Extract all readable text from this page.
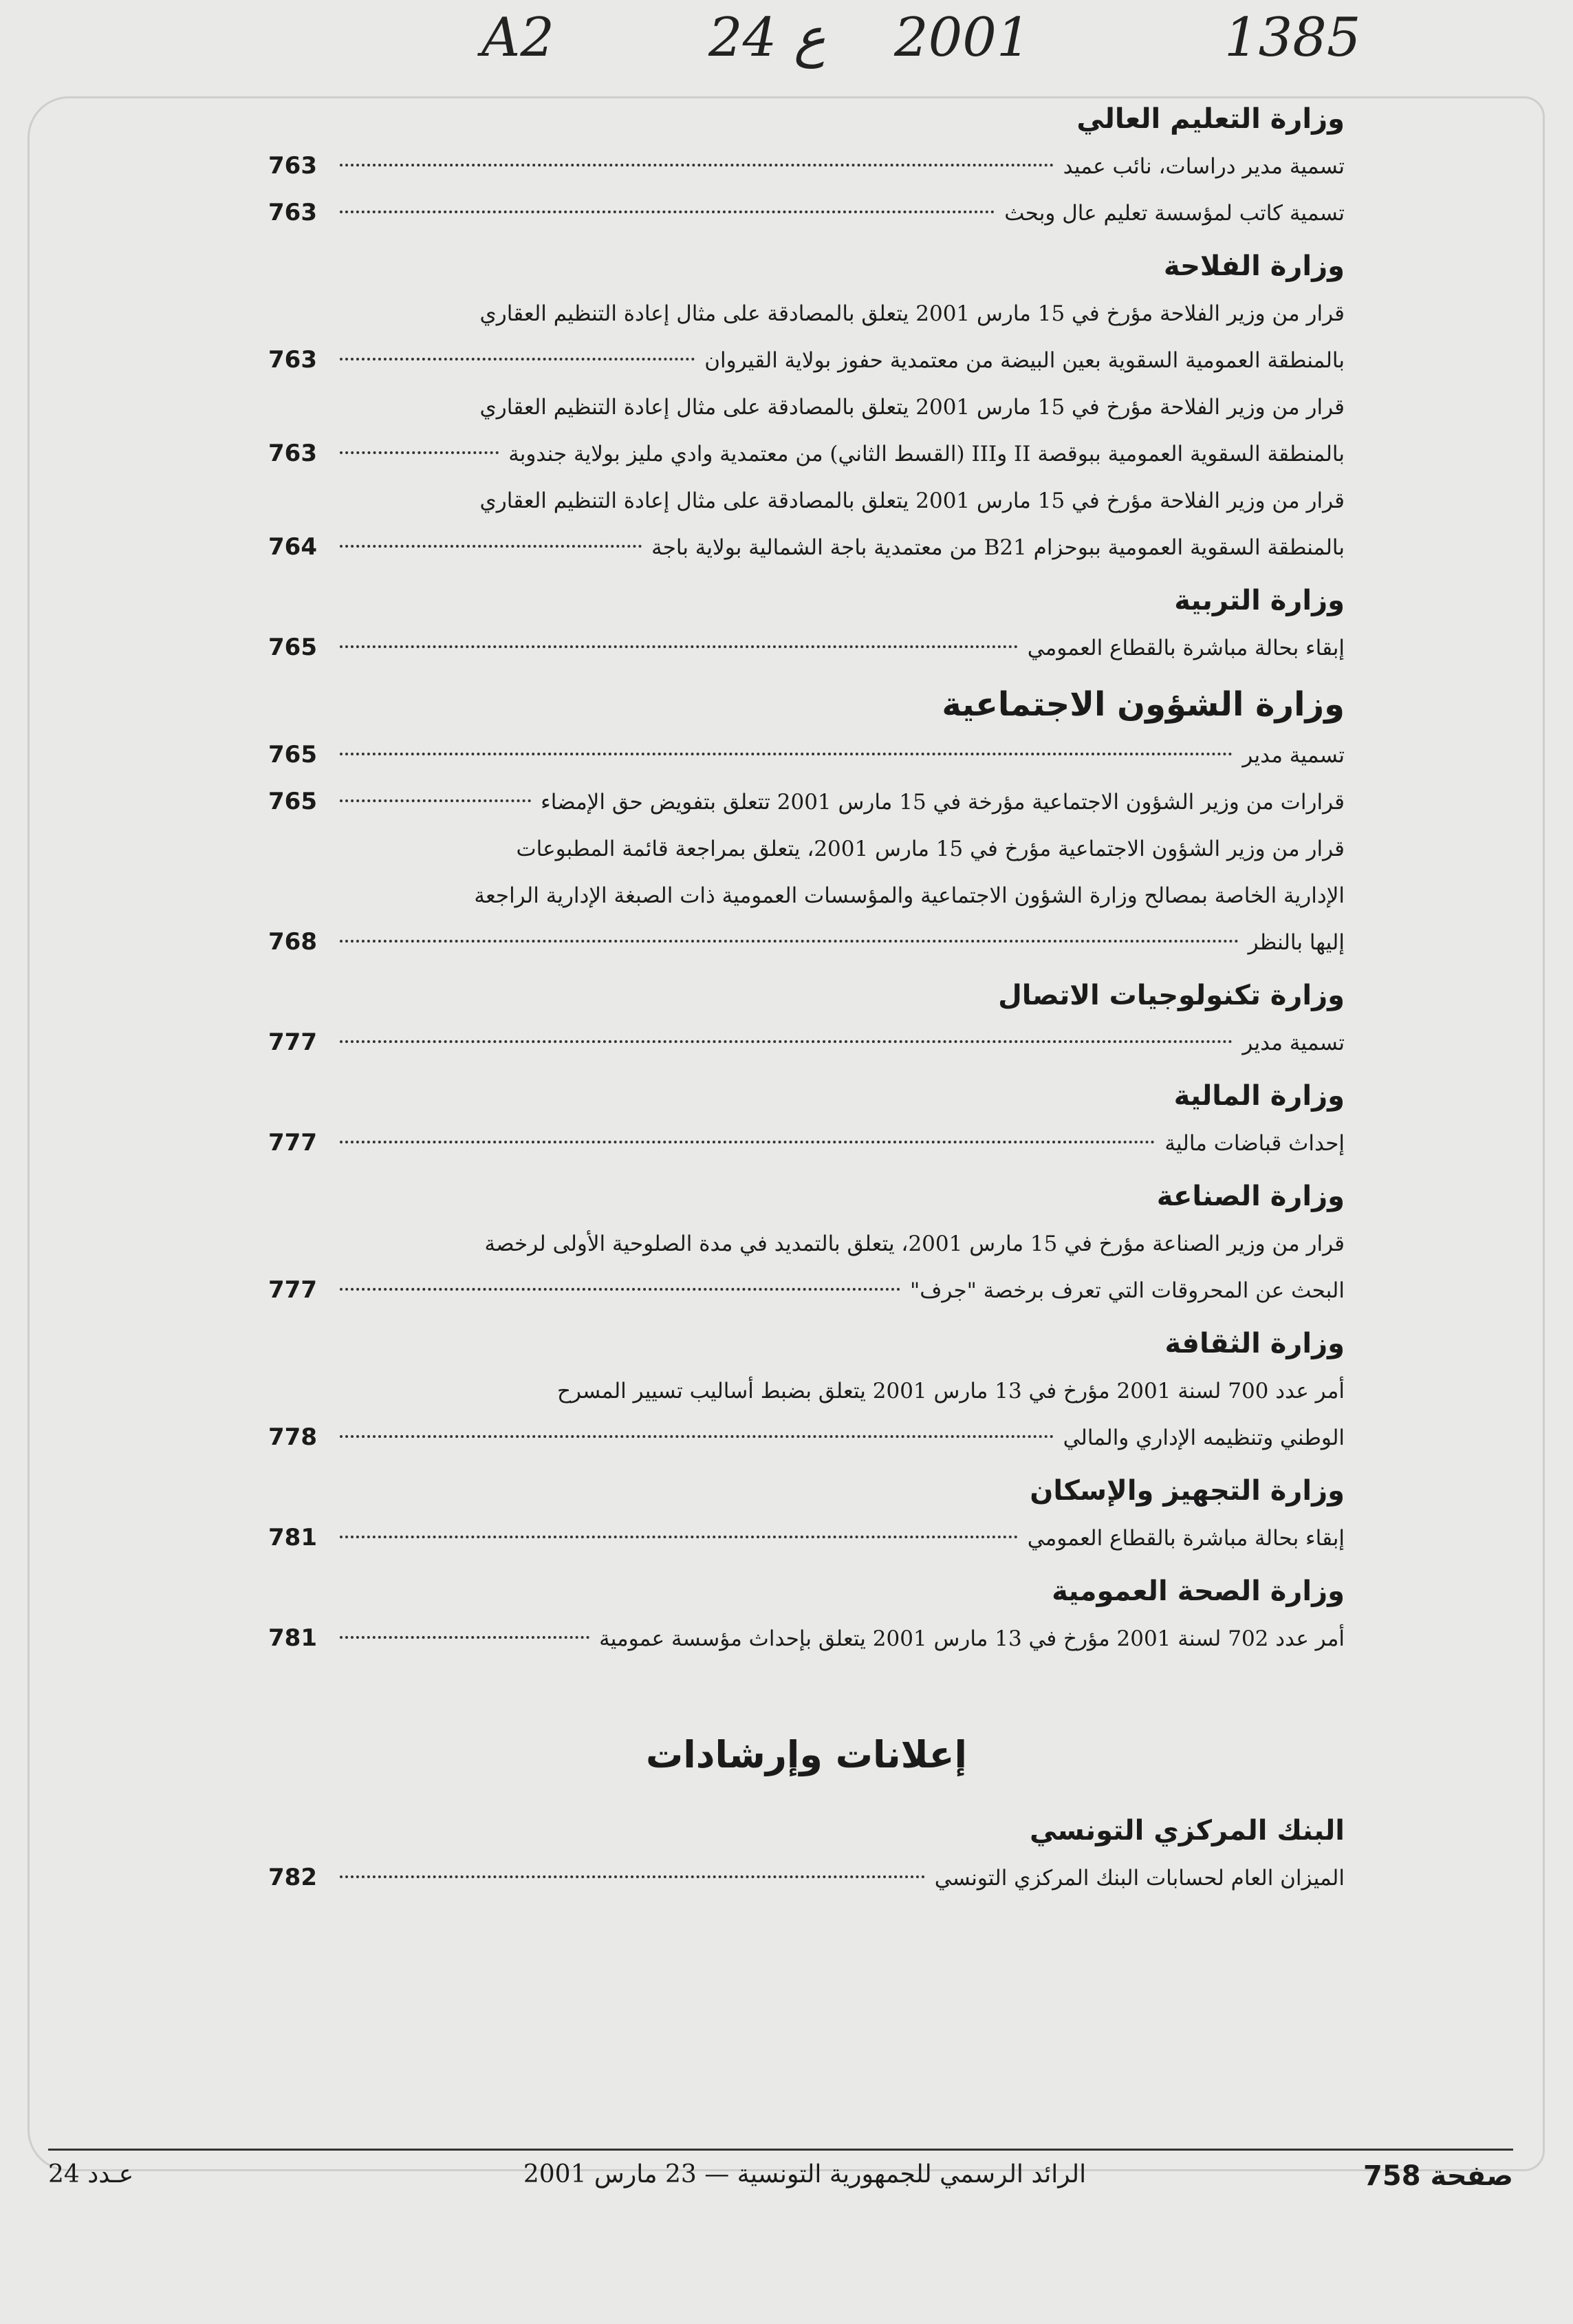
A2	24 ع 2001	1385
وزارة التعليم العالي
تسمية مدير دراسات، نائب عميد
763
تسمية كاتب لمؤسسة تعليم عال وبحث
763
وزارة الفلاحة
قرار من وزير الفلاحة مؤرخ في 15 مارس 2001 يتعلق بالمصادقة على مثال إعادة التنظيم العقاري
بالمنطقة العمومية السقوية بعين البيضة من معتمدية حفوز بولاية القيروان
763
قرار من وزير الفلاحة مؤرخ في 15 مارس 2001 يتعلق بالمصادقة على مثال إعادة التنظيم العقاري
بالمنطقة السقوية العمومية ببوقصة II وIII (القسط الثاني) من معتمدية وادي مليز بولاية جندوبة
763
قرار من وزير الفلاحة مؤرخ في 15 مارس 2001 يتعلق بالمصادقة على مثال إعادة التنظيم العقاري
بالمنطقة السقوية العمومية ببوحزام B21 من معتمدية باجة الشمالية بولاية باجة
764
وزارة التربية
إبقاء بحالة مباشرة بالقطاع العمومي
765
وزارة الشؤون الاجتماعية
تسمية مدير
765
قرارات من وزير الشؤون الاجتماعية مؤرخة في 15 مارس 2001 تتعلق بتفويض حق الإمضاء
765
قرار من وزير الشؤون الاجتماعية مؤرخ في 15 مارس 2001، يتعلق بمراجعة قائمة المطبوعات
الإدارية الخاصة بمصالح وزارة الشؤون الاجتماعية والمؤسسات العمومية ذات الصبغة الإدارية الراجعة
إليها بالنظر
768
وزارة تكنولوجيات الاتصال
تسمية مدير
777
وزارة المالية
إحداث قباضات مالية
777
وزارة الصناعة
قرار من وزير الصناعة مؤرخ في 15 مارس 2001، يتعلق بالتمديد في مدة الصلوحية الأولى لرخصة
البحث عن المحروقات التي تعرف برخصة "جرف"
777
وزارة الثقافة
أمر عدد 700 لسنة 2001 مؤرخ في 13 مارس 2001 يتعلق بضبط أساليب تسيير المسرح
الوطني وتنظيمه الإداري والمالي
778
وزارة التجهيز والإسكان
إبقاء بحالة مباشرة بالقطاع العمومي
781
وزارة الصحة العمومية
أمر عدد 702 لسنة 2001 مؤرخ في 13 مارس 2001 يتعلق بإحداث مؤسسة عمومية
781
إعلانات وإرشادات
البنك المركزي التونسي
الميزان العام لحسابات البنك المركزي التونسي
782
صفحة 758
الرائد الرسمي للجمهورية التونسية — 23 مارس 2001
عـدد 24
